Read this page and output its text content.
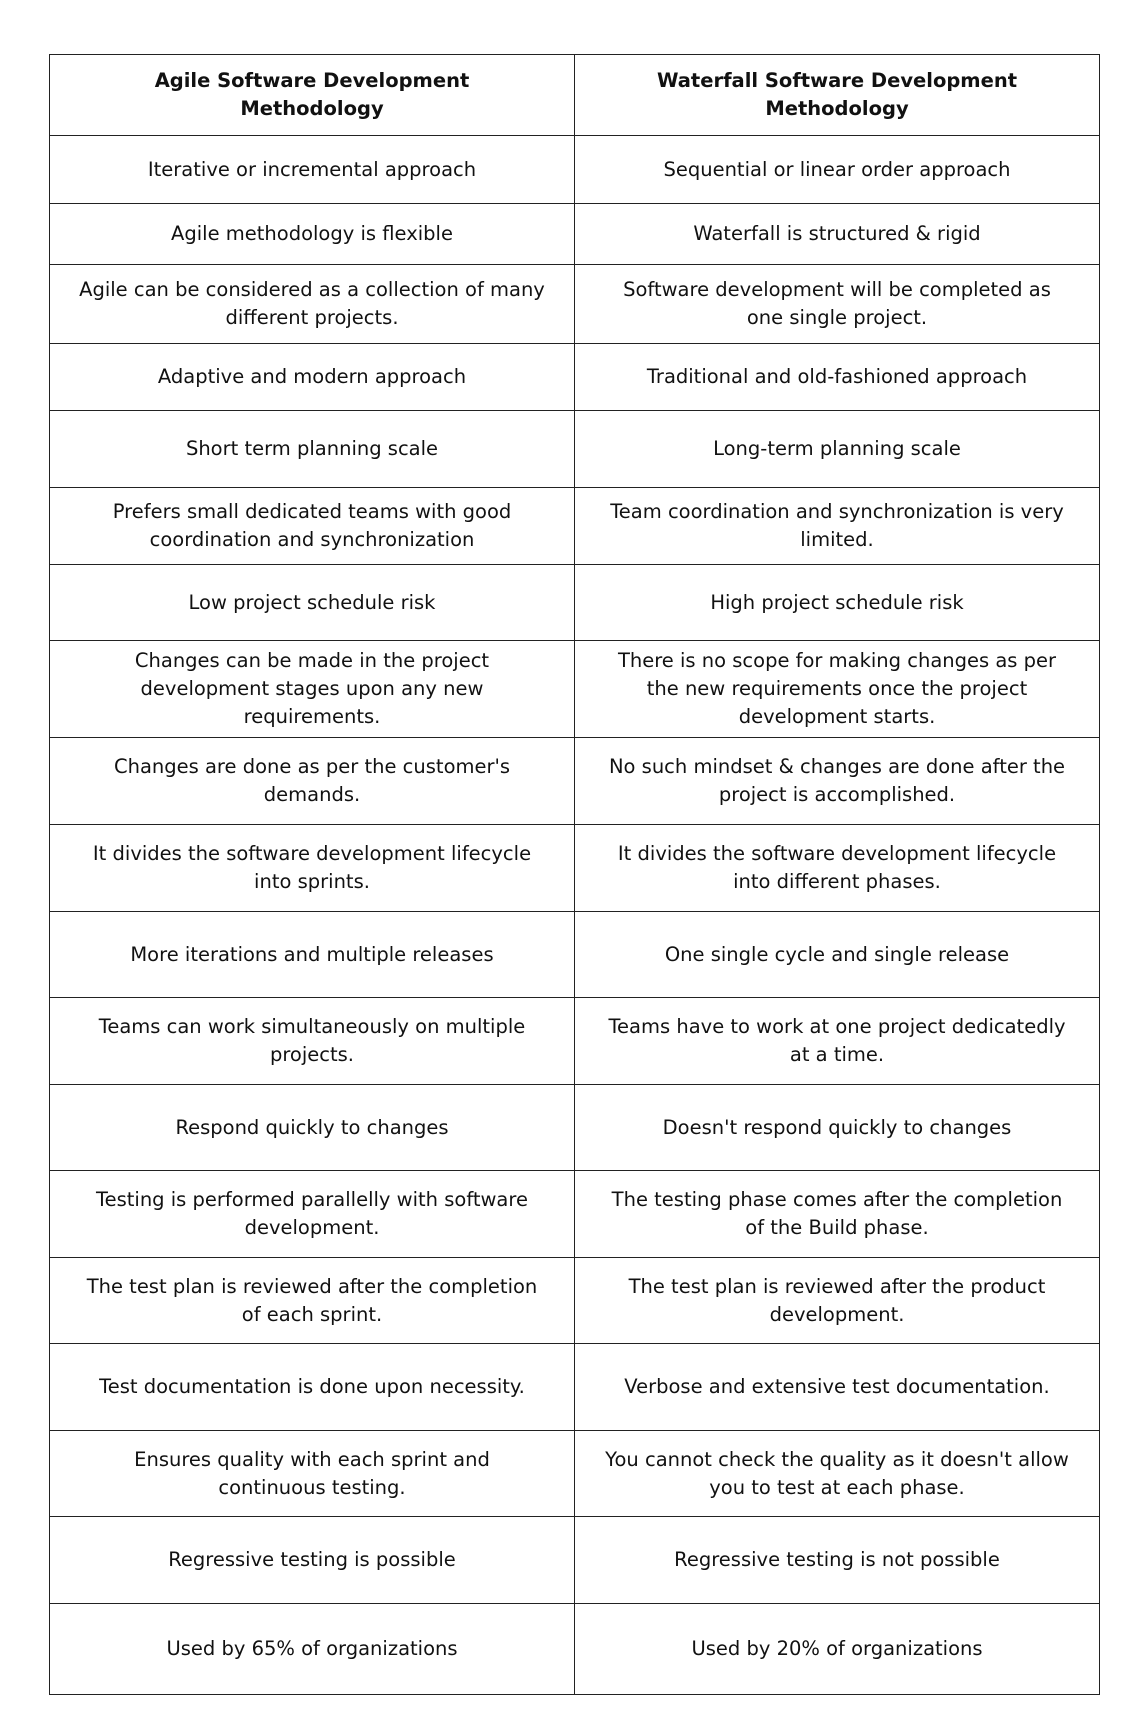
Agile Software Development Methodology	Waterfall Software Development Methodology
Iterative or incremental approach	Sequential or linear order approach
Agile methodology is flexible	Waterfall is structured & rigid
Agile can be considered as a collection of many different projects.	Software development will be completed as one single project.
Adaptive and modern approach	Traditional and old-fashioned approach
Short term planning scale	Long-term planning scale
Prefers small dedicated teams with good coordination and synchronization	Team coordination and synchronization is very limited.
Low project schedule risk	High project schedule risk
Changes can be made in the project development stages upon any new requirements.	There is no scope for making changes as per the new requirements once the project development starts.
Changes are done as per the customer's demands.	No such mindset & changes are done after the project is accomplished.
It divides the software development lifecycle into sprints.	It divides the software development lifecycle into different phases.
More iterations and multiple releases	One single cycle and single release
Teams can work simultaneously on multiple projects.	Teams have to work at one project dedicatedly at a time.
Respond quickly to changes	Doesn't respond quickly to changes
Testing is performed parallelly with software development.	The testing phase comes after the completion of the Build phase.
The test plan is reviewed after the completion of each sprint.	The test plan is reviewed after the product development.
Test documentation is done upon necessity.	Verbose and extensive test documentation.
Ensures quality with each sprint and continuous testing.	You cannot check the quality as it doesn't allow you to test at each phase.
Regressive testing is possible	Regressive testing is not possible
Used by 65% of organizations	Used by 20% of organizations
